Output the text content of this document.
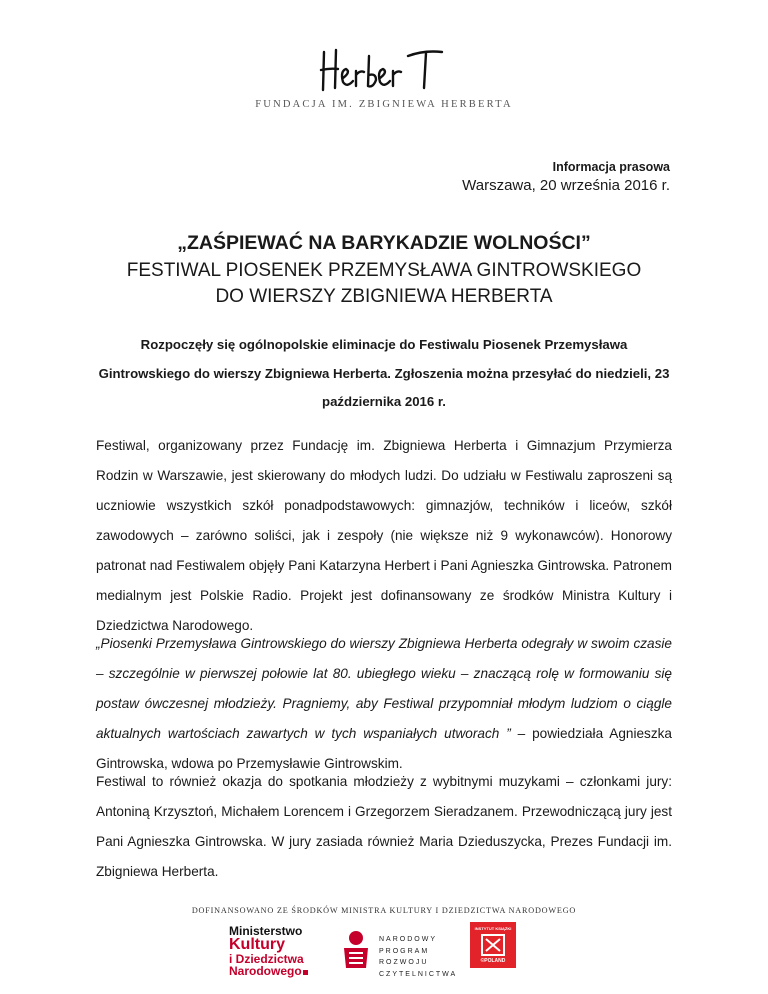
FUNDACJA IM. ZBIGNIEWA HERBERTA
Informacja prasowa
Warszawa, 20 września 2016 r.
„ZAŚPIEWAĆ NA BARYKADZIE WOLNOŚCI”
FESTIWAL PIOSENEK PRZEMYSŁAWA GINTROWSKIEGO
DO WIERSZY ZBIGNIEWA HERBERTA
Rozpoczęły się ogólnopolskie eliminacje do Festiwalu Piosenek Przemysława Gintrowskiego do wierszy Zbigniewa Herberta. Zgłoszenia można przesyłać do niedzieli, 23 października 2016 r.
Festiwal, organizowany przez Fundację im. Zbigniewa Herberta i Gimnazjum Przymierza Rodzin w Warszawie, jest skierowany do młodych ludzi. Do udziału w Festiwalu zaproszeni są uczniowie wszystkich szkół ponadpodstawowych: gimnazjów, techników i liceów, szkół zawodowych – zarówno soliści, jak i zespoły (nie większe niż 9 wykonawców). Honorowy patronat nad Festiwalem objęły Pani Katarzyna Herbert i Pani Agnieszka Gintrowska. Patronem medialnym jest Polskie Radio. Projekt jest dofinansowany ze środków Ministra Kultury i Dziedzictwa Narodowego.
„Piosenki Przemysława Gintrowskiego do wierszy Zbigniewa Herberta odegrały w swoim czasie – szczególnie w pierwszej połowie lat 80. ubiegłego wieku – znaczącą rolę w formowaniu się postaw ówczesnej młodzieży. Pragniemy, aby Festiwal przypomniał młodym ludziom o ciągle aktualnych wartościach zawartych w tych wspaniałych utworach ” – powiedziała Agnieszka Gintrowska, wdowa po Przemysławie Gintrowskim.
Festiwal to również okazja do spotkania młodzieży z wybitnymi muzykami – członkami jury: Antoniną Krzysztoń, Michałem Lorencem i Grzegorzem Sieradzanem. Przewodniczącą jury jest Pani Agnieszka Gintrowska. W jury zasiada również Maria Dzieduszycka, Prezes Fundacji im. Zbigniewa Herberta.
DOFINANSOWANO ZE ŚRODKÓW MINISTRA KULTURY I DZIEDZICTWA NARODOWEGO
Ministerstwo
Kultury
i Dziedzictwa
Narodowego
NARODOWY
PROGRAM
ROZWOJU
CZYTELNICTWA
INSTYTUT KSIĄŻKI
©POLAND
